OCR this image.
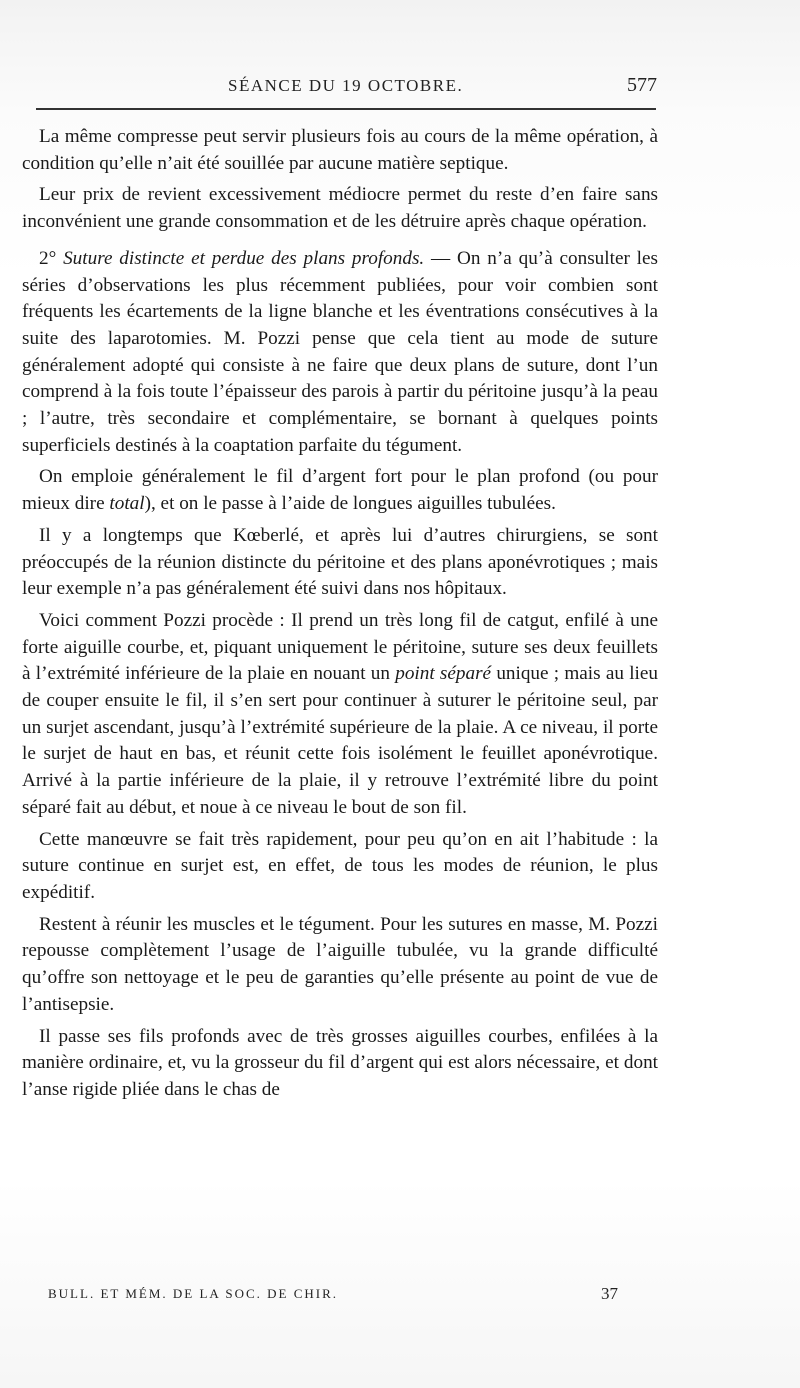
SÉANCE DU 19 OCTOBRE.	577

La même compresse peut servir plusieurs fois au cours de la même opération, à condition qu’elle n’ait été souillée par aucune matière septique.

Leur prix de revient excessivement médiocre permet du reste d’en faire sans inconvénient une grande consommation et de les détruire après chaque opération.

2° Suture distincte et perdue des plans profonds. — On n’a qu’à consulter les séries d’observations les plus récemment publiées, pour voir combien sont fréquents les écartements de la ligne blanche et les éventrations consécutives à la suite des laparotomies. M. Pozzi pense que cela tient au mode de suture généralement adopté qui consiste à ne faire que deux plans de suture, dont l’un comprend à la fois toute l’épaisseur des parois à partir du péritoine jusqu’à la peau ; l’autre, très secondaire et complémentaire, se bornant à quelques points superficiels destinés à la coaptation parfaite du tégument.

On emploie généralement le fil d’argent fort pour le plan profond (ou pour mieux dire total), et on le passe à l’aide de longues aiguilles tubulées.

Il y a longtemps que Kœberlé, et après lui d’autres chirurgiens, se sont préoccupés de la réunion distincte du péritoine et des plans aponévrotiques ; mais leur exemple n’a pas généralement été suivi dans nos hôpitaux.

Voici comment Pozzi procède : Il prend un très long fil de catgut, enfilé à une forte aiguille courbe, et, piquant uniquement le péritoine, suture ses deux feuillets à l’extrémité inférieure de la plaie en nouant un point séparé unique ; mais au lieu de couper ensuite le fil, il s’en sert pour continuer à suturer le péritoine seul, par un surjet ascendant, jusqu’à l’extrémité supérieure de la plaie. A ce niveau, il porte le surjet de haut en bas, et réunit cette fois isolément le feuillet aponévrotique. Arrivé à la partie inférieure de la plaie, il y retrouve l’extrémité libre du point séparé fait au début, et noue à ce niveau le bout de son fil.

Cette manœuvre se fait très rapidement, pour peu qu’on en ait l’habitude : la suture continue en surjet est, en effet, de tous les modes de réunion, le plus expéditif.

Restent à réunir les muscles et le tégument. Pour les sutures en masse, M. Pozzi repousse complètement l’usage de l’aiguille tubulée, vu la grande difficulté qu’offre son nettoyage et le peu de garanties qu’elle présente au point de vue de l’antisepsie.

Il passe ses fils profonds avec de très grosses aiguilles courbes, enfilées à la manière ordinaire, et, vu la grosseur du fil d’argent qui est alors nécessaire, et dont l’anse rigide pliée dans le chas de

BULL. ET MÉM. DE LA SOC. DE CHIR.	37
